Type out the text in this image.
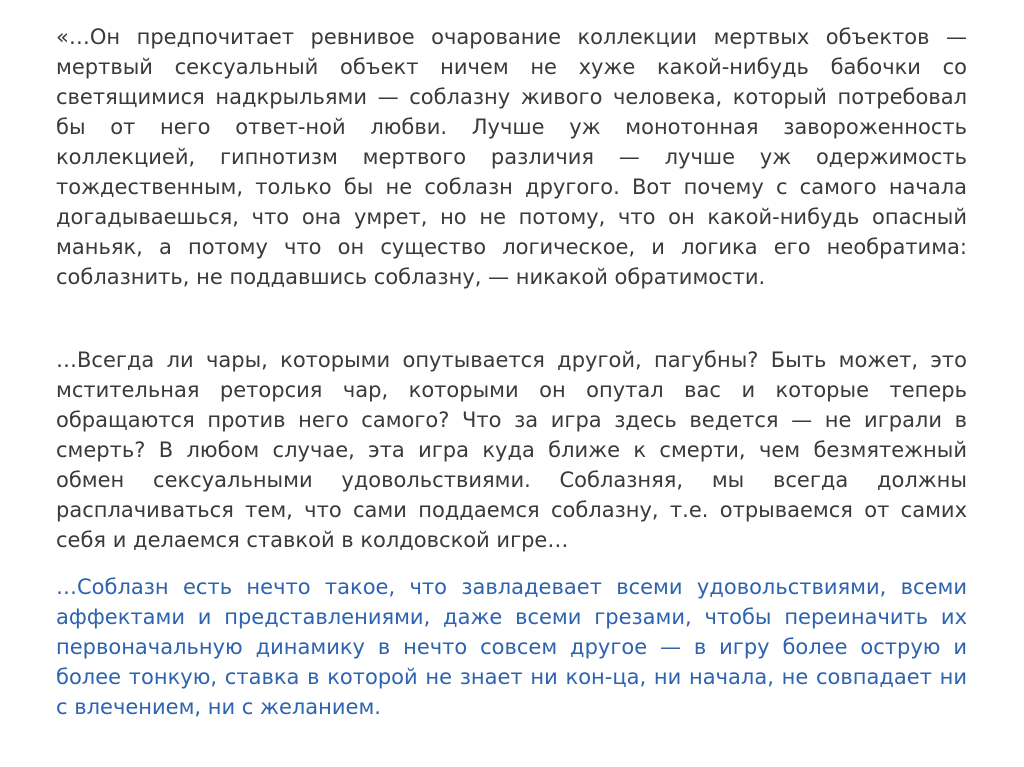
«…Он предпочитает ревнивое очарование коллекции мертвых объектов — мертвый сексуальный объект ничем не хуже какой-нибудь бабочки со светящимися надкрыльями — соблазну живого человека, который потребовал бы от него ответ-ной любви. Лучше уж монотонная завороженность коллекцией, гипнотизм мертвого различия — лучше уж одержимость тождественным, только бы не соблазн другого. Вот почему с самого начала догадываешься, что она умрет, но не потому, что он какой-нибудь опасный маньяк, а потому что он существо логическое, и логика его необратима: соблазнить, не поддавшись соблазну, — никакой обратимости.

…Всегда ли чары, которыми опутывается другой, пагубны? Быть может, это мстительная реторсия чар, которыми он опутал вас и которые теперь обращаются против него самого? Что за игра здесь ведется — не играли в смерть? В любом случае, эта игра куда ближе к смерти, чем безмятежный обмен сексуальными удовольствиями. Соблазняя, мы всегда должны расплачиваться тем, что сами поддаемся соблазну, т.е. отрываемся от самих себя и делаемся ставкой в колдовской игре…

…Соблазн есть нечто такое, что завладевает всеми удовольствиями, всеми аффектами и представлениями, даже всеми грезами, чтобы переиначить их первоначальную динамику в нечто совсем другое — в игру более острую и более тонкую, ставка в которой не знает ни кон-ца, ни начала, не совпадает ни с влечением, ни с желанием.
